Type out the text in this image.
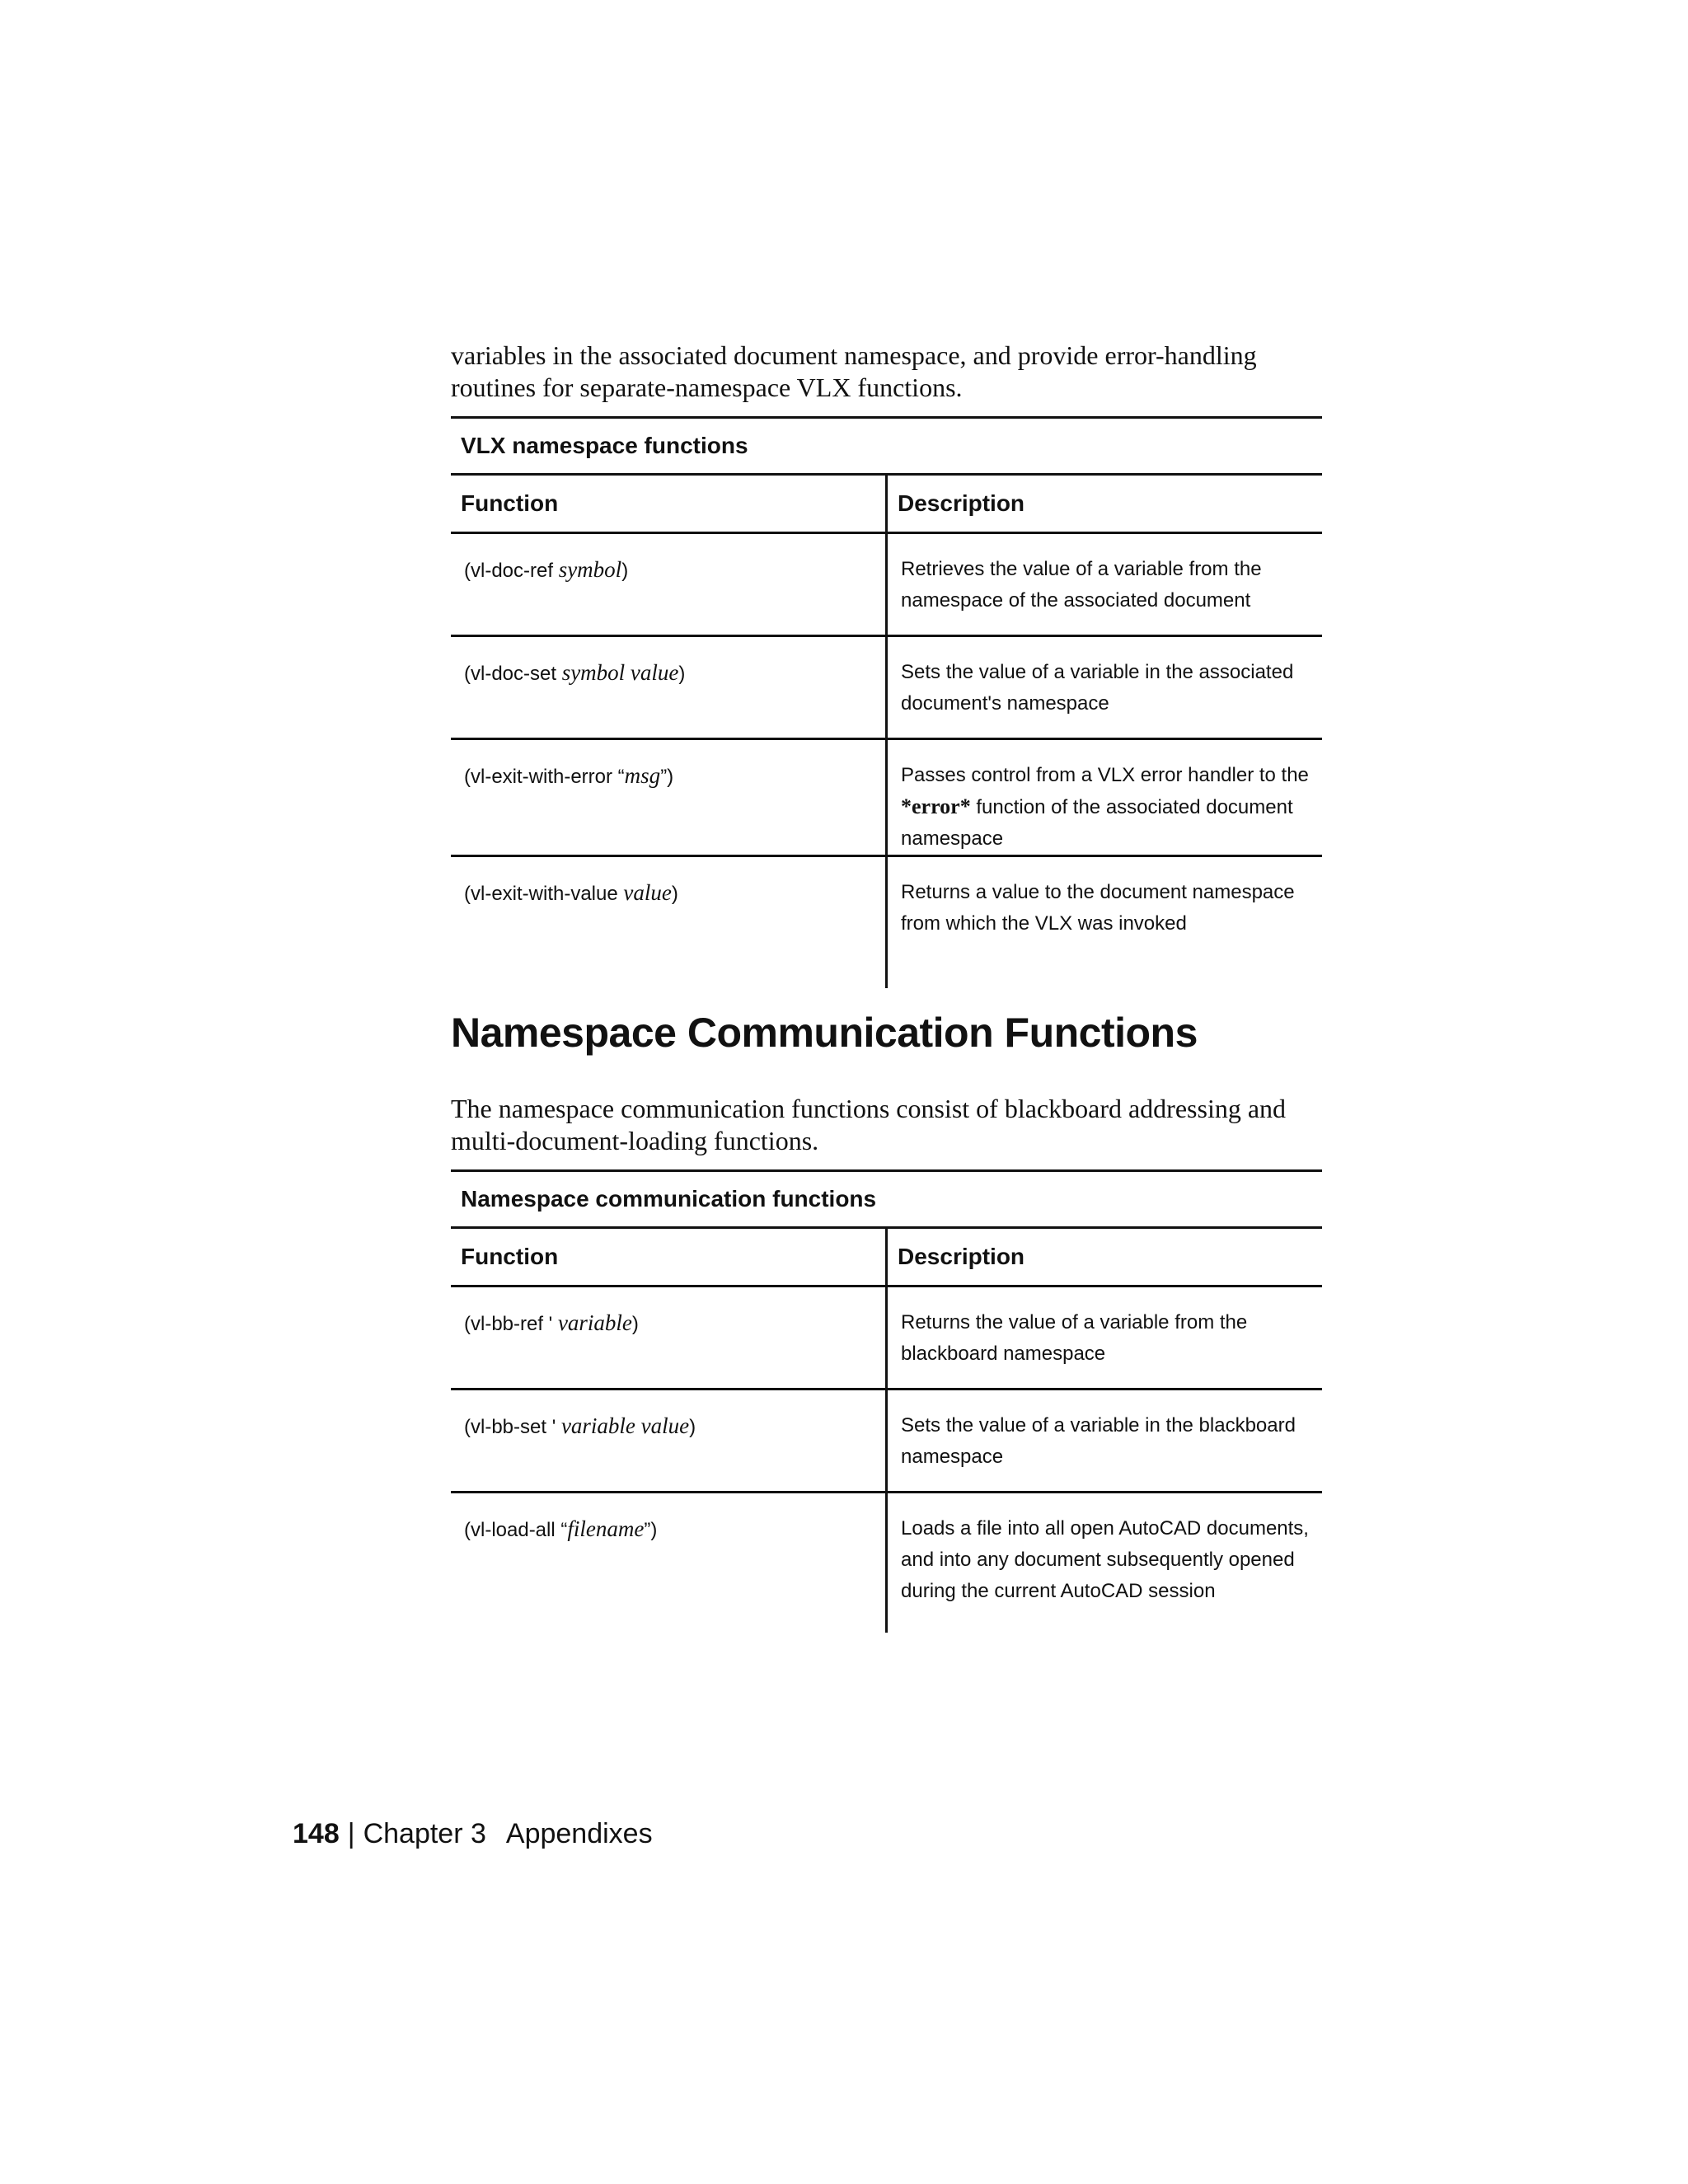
variables in the associated document namespace, and provide error-handling routines for separate-namespace VLX functions.

VLX namespace functions	
Function	Description
(vl-doc-ref symbol)	Retrieves the value of a variable from the namespace of the associated document
(vl-doc-set symbol value)	Sets the value of a variable in the associated document's namespace
(vl-exit-with-error “msg”)	Passes control from a VLX error handler to the *error* function of the associated document namespace
(vl-exit-with-value value)	Returns a value to the document namespace from which the VLX was invoked
Namespace Communication Functions

The namespace communication functions consist of blackboard addressing and multi-document-loading functions.

Namespace communication functions	
Function	Description
(vl-bb-ref ' variable)	Returns the value of a variable from the blackboard namespace
(vl-bb-set ' variable value)	Sets the value of a variable in the blackboard namespace
(vl-load-all “filename”)	Loads a file into all open AutoCAD documents, and into any document subsequently opened during the current AutoCAD session
148 | Chapter 3 Appendixes
